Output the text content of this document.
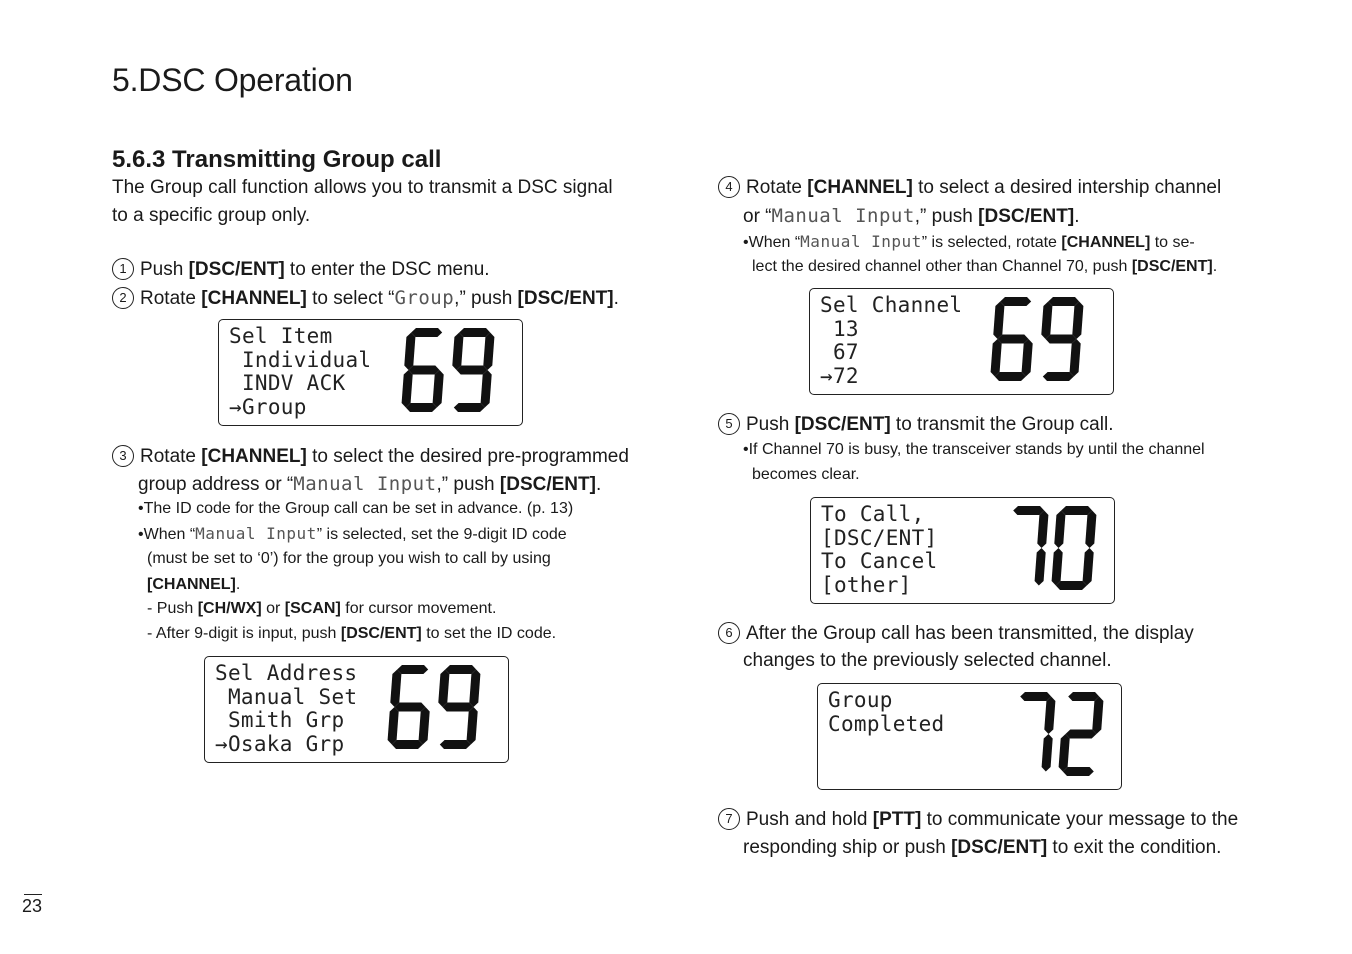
5.DSC Operation
5.6.3 Transmitting Group call
The Group call function allows you to transmit a DSC signal
to a specific group only.
1 Push [DSC/ENT] to enter the DSC menu.
2 Rotate [CHANNEL] to select “Group,” push [DSC/ENT].
Sel Item
Individual
INDV ACK
→Group
3 Rotate [CHANNEL] to select the desired pre-programmed
group address or “Manual Input,” push [DSC/ENT].
•The ID code for the Group call can be set in advance. (p. 13)
•When “Manual Input” is selected, set the 9-digit ID code
(must be set to ‘0’) for the group you wish to call by using
[CHANNEL].
- Push [CH/WX] or [SCAN] for cursor movement.
- After 9-digit is input, push [DSC/ENT] to set the ID code.
Sel Address
Manual Set
Smith Grp
→Osaka Grp
4 Rotate [CHANNEL] to select a desired intership channel
or “Manual Input,” push [DSC/ENT].
•When “Manual Input” is selected, rotate [CHANNEL] to se-
lect the desired channel other than Channel 70, push [DSC/ENT].
Sel Channel
13
67
→72
5 Push [DSC/ENT] to transmit the Group call.
•If Channel 70 is busy, the transceiver stands by until the channel
becomes clear.
To Call,
[DSC/ENT]
To Cancel
[other]
6 After the Group call has been transmitted, the display
changes to the previously selected channel.
Group
Completed
7 Push and hold [PTT] to communicate your message to the
responding ship or push [DSC/ENT] to exit the condition.
23
